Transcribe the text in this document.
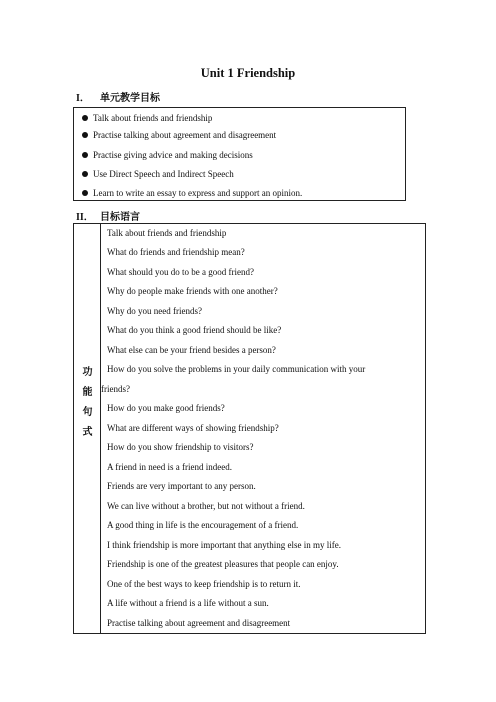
Unit 1 Friendship
I． 单元教学目标
Talk about friends and friendship
Practise talking about agreement and disagreement
Practise giving advice and making decisions
Use Direct Speech and Indirect Speech
Learn to write an essay to express and support an opinion.
II． 目标语言
功
能
句
式
Talk about friends and friendship
What do friends and friendship mean?
What should you do to be a good friend?
Why do people make friends with one another?
Why do you need friends?
What do you think a good friend should be like?
What else can be your friend besides a person?
How do you solve the problems in your daily communication with your
friends?
How do you make good friends?
What are different ways of showing friendship?
How do you show friendship to visitors?
A friend in need is a friend indeed.
Friends are very important to any person.
We can live without a brother, but not without a friend.
A good thing in life is the encouragement of a friend.
I think friendship is more important that anything else in my life.
Friendship is one of the greatest pleasures that people can enjoy.
One of the best ways to keep friendship is to return it.
A life without a friend is a life without a sun.
Practise talking about agreement and disagreement
